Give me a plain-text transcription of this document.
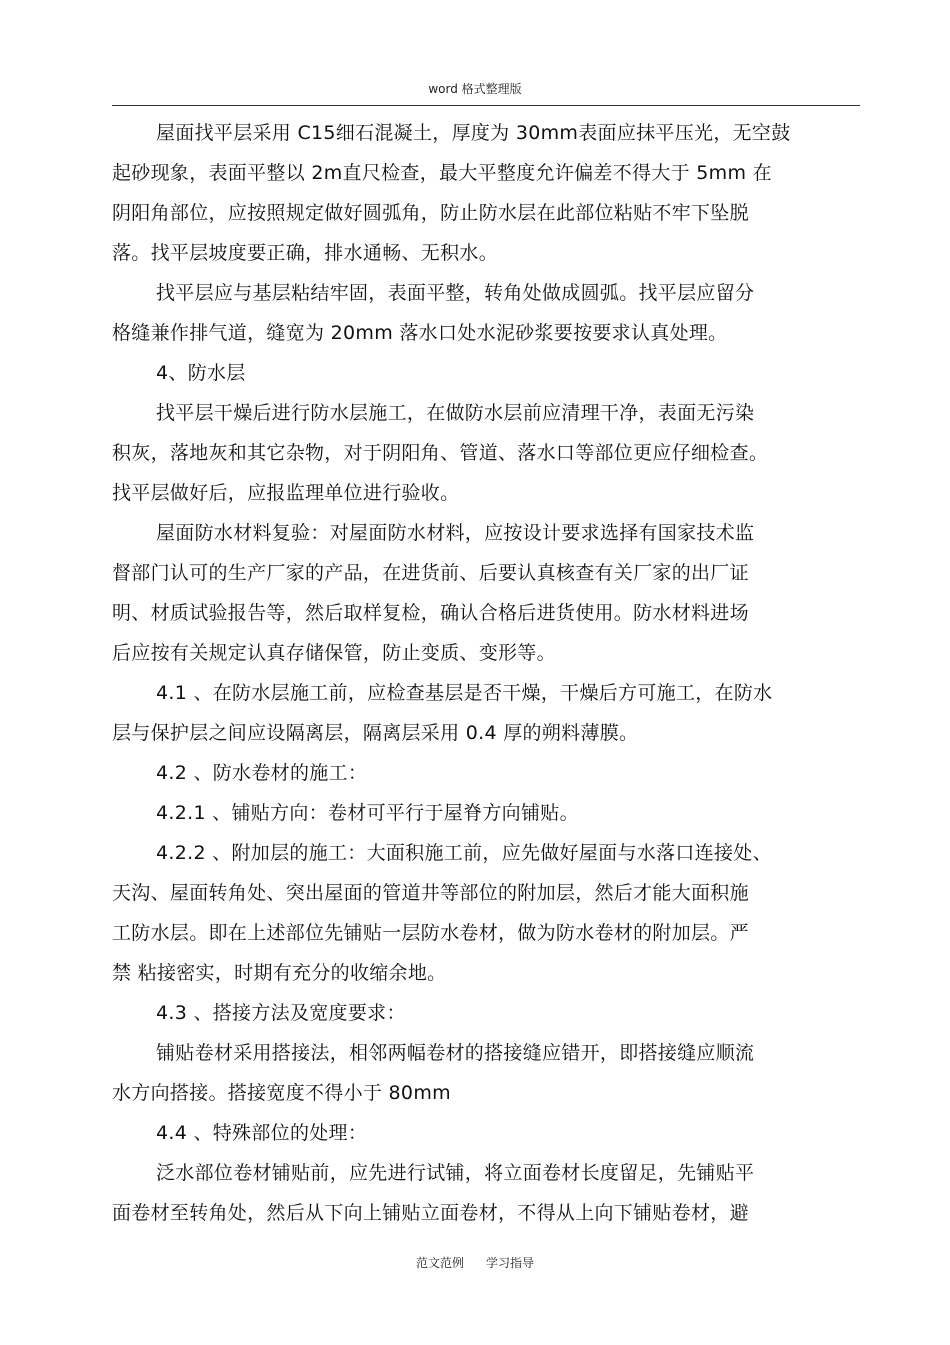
word 格式整理版
屋面找平层采用 C15细石混凝土，厚度为 30mm表面应抹平压光，无空鼓
起砂现象，表面平整以 2m直尺检查，最大平整度允许偏差不得大于 5mm 在
阴阳角部位，应按照规定做好圆弧角，防止防水层在此部位粘贴不牢下坠脱
落。找平层坡度要正确，排水通畅、无积水。
找平层应与基层粘结牢固，表面平整，转角处做成圆弧。找平层应留分
格缝兼作排气道，缝宽为 20mm 落水口处水泥砂浆要按要求认真处理。
4、防水层
找平层干燥后进行防水层施工，在做防水层前应清理干净，表面无污染
积灰，落地灰和其它杂物，对于阴阳角、管道、落水口等部位更应仔细检查。
找平层做好后，应报监理单位进行验收。
屋面防水材料复验：对屋面防水材料，应按设计要求选择有国家技术监
督部门认可的生产厂家的产品，在进货前、后要认真核查有关厂家的出厂证
明、材质试验报告等，然后取样复检，确认合格后进货使用。防水材料进场
后应按有关规定认真存储保管，防止变质、变形等。
4.1 、在防水层施工前，应检查基层是否干燥，干燥后方可施工，在防水
层与保护层之间应设隔离层，隔离层采用 0.4 厚的朔料薄膜。
4.2 、防水卷材的施工：
4.2.1 、铺贴方向：卷材可平行于屋脊方向铺贴。
4.2.2 、附加层的施工：大面积施工前，应先做好屋面与水落口连接处、
天沟、屋面转角处、突出屋面的管道井等部位的附加层，然后才能大面积施
工防水层。即在上述部位先铺贴一层防水卷材，做为防水卷材的附加层。严
禁 粘接密实，时期有充分的收缩余地。
4.3 、搭接方法及宽度要求：
铺贴卷材采用搭接法，相邻两幅卷材的搭接缝应错开，即搭接缝应顺流
水方向搭接。搭接宽度不得小于 80mm
4.4 、特殊部位的处理：
泛水部位卷材铺贴前，应先进行试铺，将立面卷材长度留足，先铺贴平
面卷材至转角处，然后从下向上铺贴立面卷材，不得从上向下铺贴卷材，避
范文范例 学习指导
